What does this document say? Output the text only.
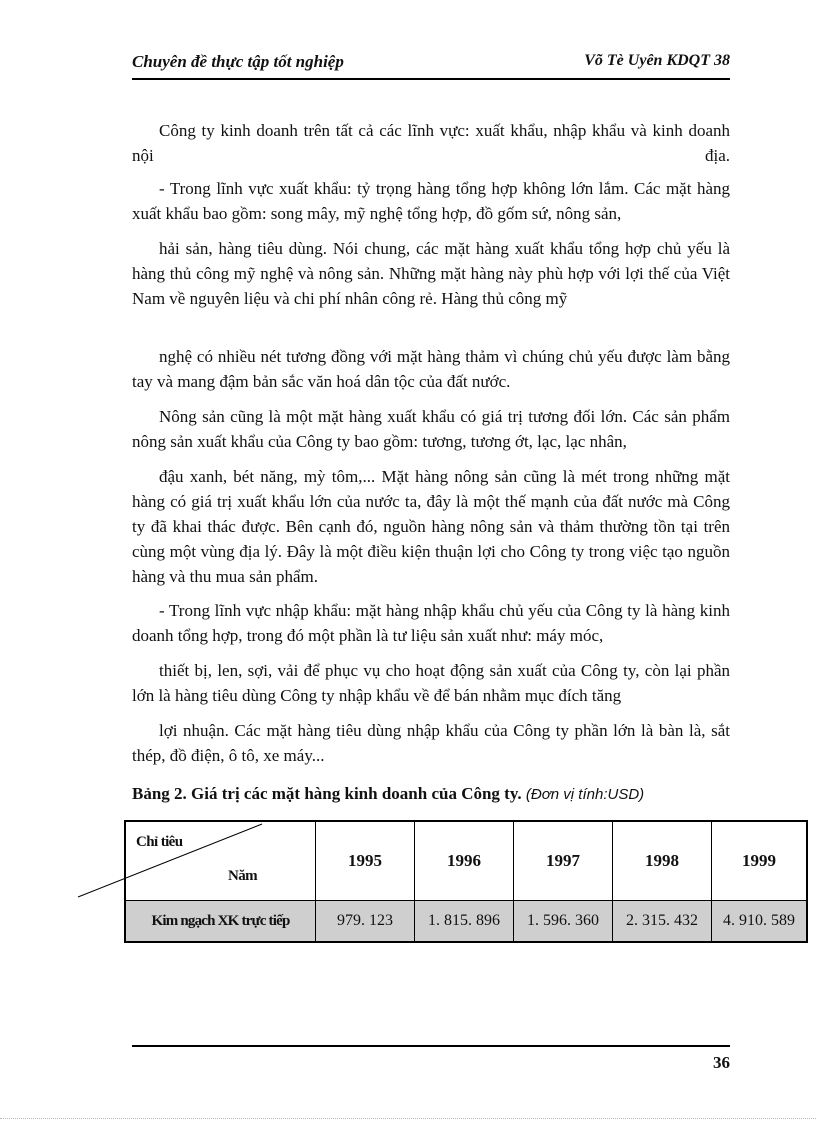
Chuyên đề thực tập tốt nghiệp	Võ Tè Uyên KDQT 38
Công ty kinh doanh trên tất cả các lĩnh vực: xuất khẩu, nhập khẩu và kinh doanh nội địa.
- Trong lĩnh vực xuất khẩu: tỷ trọng hàng tổng hợp không lớn lắm. Các mặt hàng xuất khẩu bao gồm: song mây, mỹ nghệ tổng hợp, đồ gốm sứ, nông sản,
hải sản, hàng tiêu dùng. Nói chung, các mặt hàng xuất khẩu tổng hợp chủ yếu là hàng thủ công mỹ nghệ và nông sản. Những mặt hàng này phù hợp với lợi thế của Việt Nam về nguyên liệu và chi phí nhân công rẻ. Hàng thủ công mỹ
nghệ có nhiều nét tương đồng với mặt hàng thảm vì chúng chủ yếu được làm bằng tay và mang đậm bản sắc văn hoá dân tộc của đất nước.
Nông sản cũng là một mặt hàng xuất khẩu có giá trị tương đối lớn. Các sản phẩm nông sản xuất khẩu của Công ty bao gồm: tương, tương ớt, lạc, lạc nhân,
đậu xanh, bét năng, mỳ tôm,... Mặt hàng nông sản cũng là mét trong những mặt hàng có giá trị xuất khẩu lớn của nước ta, đây là một thế mạnh của đất nước mà Công ty đã khai thác được. Bên cạnh đó, nguồn hàng nông sản và thảm thường tồn tại trên cùng một vùng địa lý. Đây là một điều kiện thuận lợi cho Công ty trong việc tạo nguồn hàng và thu mua sản phẩm.
- Trong lĩnh vực nhập khẩu: mặt hàng nhập khẩu chủ yếu của Công ty là hàng kinh doanh tổng hợp, trong đó một phần là tư liệu sản xuất như: máy móc,
thiết bị, len, sợi, vải để phục vụ cho hoạt động sản xuất của Công ty, còn lại phần lớn là hàng tiêu dùng Công ty nhập khẩu về để bán nhằm mục đích tăng
lợi nhuận. Các mặt hàng tiêu dùng nhập khẩu của Công ty phần lớn là bàn là, sắt thép, đồ điện, ô tô, xe máy...
Bảng 2. Giá trị các mặt hàng kinh doanh của Công ty. (Đơn vị tính:USD)
Chỉ tiêu
Năm	1995	1996	1997	1998	1999
Kim ngạch XK trực tiếp	979. 123	1. 815. 896	1. 596. 360	2. 315. 432	4. 910. 589
36
